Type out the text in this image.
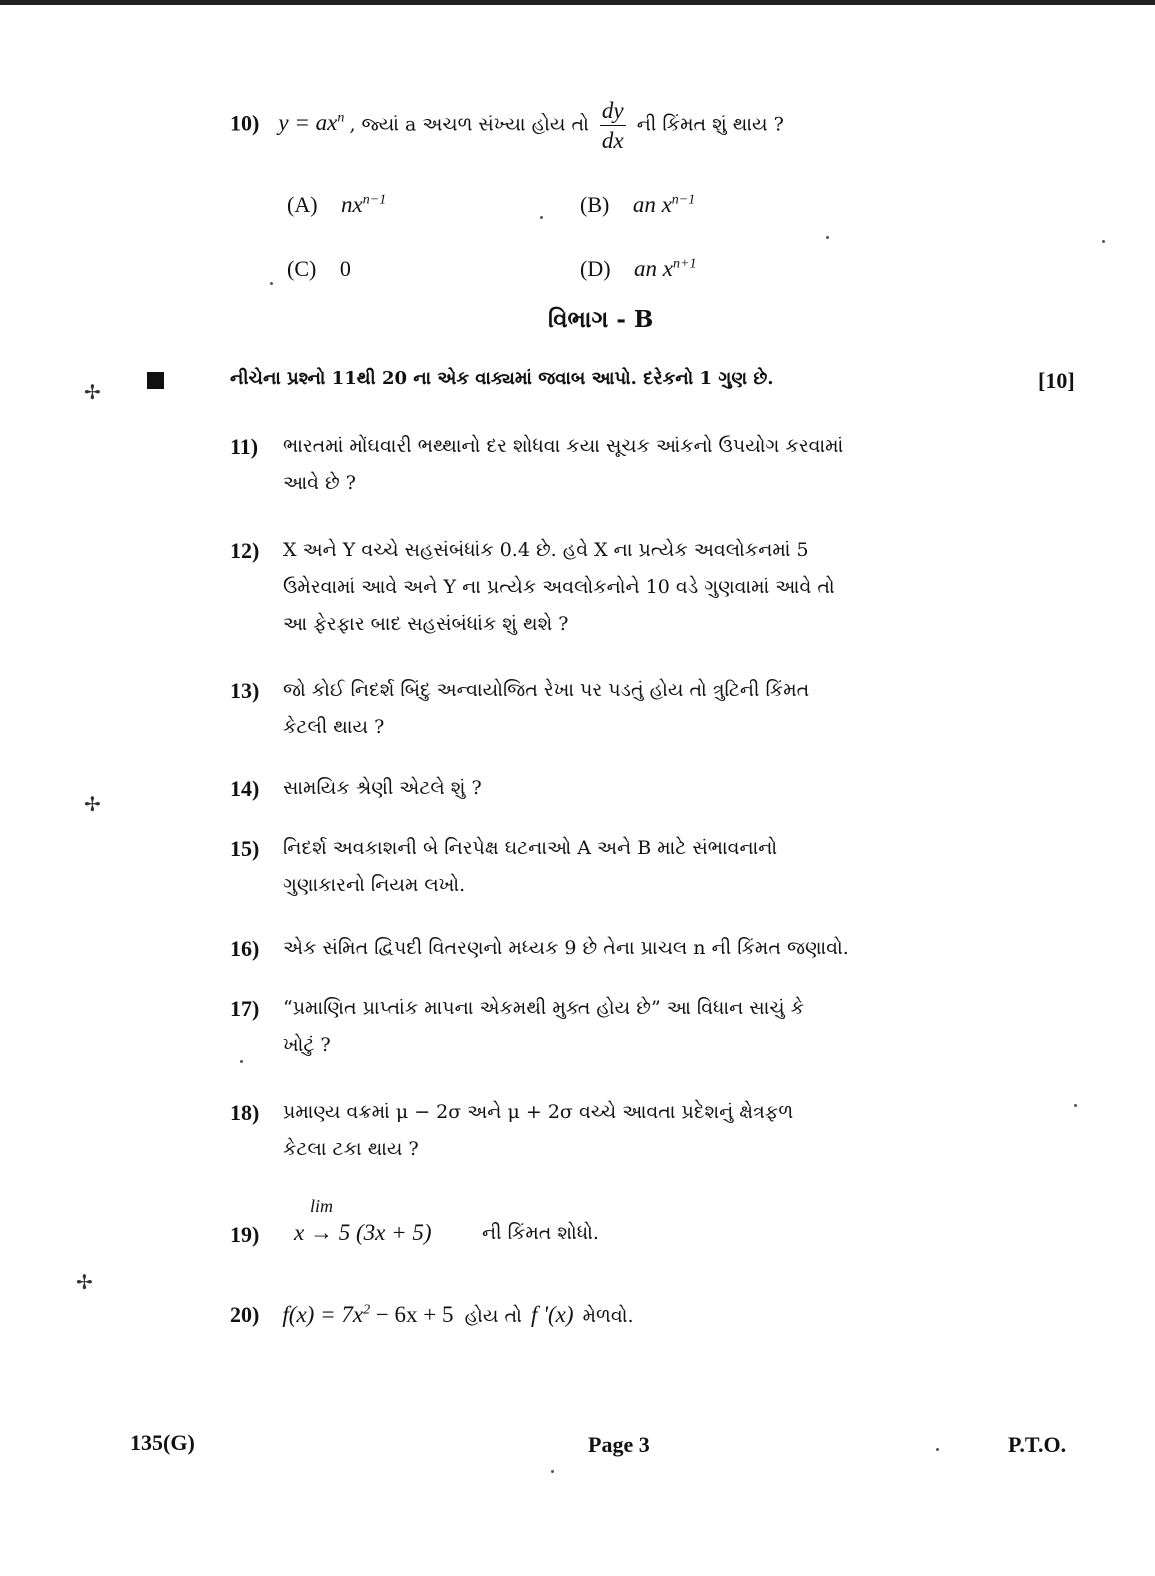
10) $y = ax^n$ , જ્યાં a અચળ સંખ્યા હોય તો $\frac{dy}{dx}$ ની કિંમત શું થાય ?
(A) $nx^{n-1}$	(B) an $x^{n-1}$
(C) 0	(D) an $x^{n+1}$
વિભાગ - B
નીચેના પ્રશ્નો 11થી 20 ના એક વાક્યમાં જવાબ આપો. દરેકનો 1 ગુણ છે.	[10]
11) ભારતમાં મોંઘવારી ભથ્થાનો દર શોધવા કયા સૂચક આંકનો ઉપયોગ કરવામાં
આવે છે ?
12) X અને Y વચ્ચે સહસંબંધાંક 0.4 છે. હવે X ના પ્રત્યેક અવલોકનમાં 5
ઉમેરવામાં આવે અને Y ના પ્રત્યેક અવલોકનોને 10 વડે ગુણવામાં આવે તો
આ ફેરફાર બાદ સહસંબંધાંક શું થશે ?
13) જો કોઈ નિદર્શ બિંદુ અન્વાયોજિત રેખા પર પડતું હોય તો ત્રુટિની કિંમત
કેટલી થાય ?
14) સામયિક શ્રેણી એટલે શું ?
15) નિદર્શ અવકાશની બે નિરપેક્ષ ઘટનાઓ A અને B માટે સંભાવનાનો
ગુણાકારનો નિયમ લખો.
16) એક સંમિત દ્વિપદી વિતરણનો મધ્યક 9 છે તેના પ્રાચલ n ની કિંમત જણાવો.
17) “પ્રમાણિત પ્રાપ્તાંક માપના એકમથી મુક્ત હોય છે” આ વિધાન સાચું કે
ખોટું ?
18) પ્રમાણ્ય વક્રમાં μ − 2σ અને μ + 2σ વચ્ચે આવતા પ્રદેશનું ક્ષેત્રફળ
કેટલા ટકા થાય ?
19)
lim
x → 5 (3x + 5)	ની કિંમત શોધો.
20) $f(x) = 7x^2 - 6x + 5$ હોય તો f '(x) મેળવો.
135(G)	Page 3	P.T.O.
✢
✢
✢
